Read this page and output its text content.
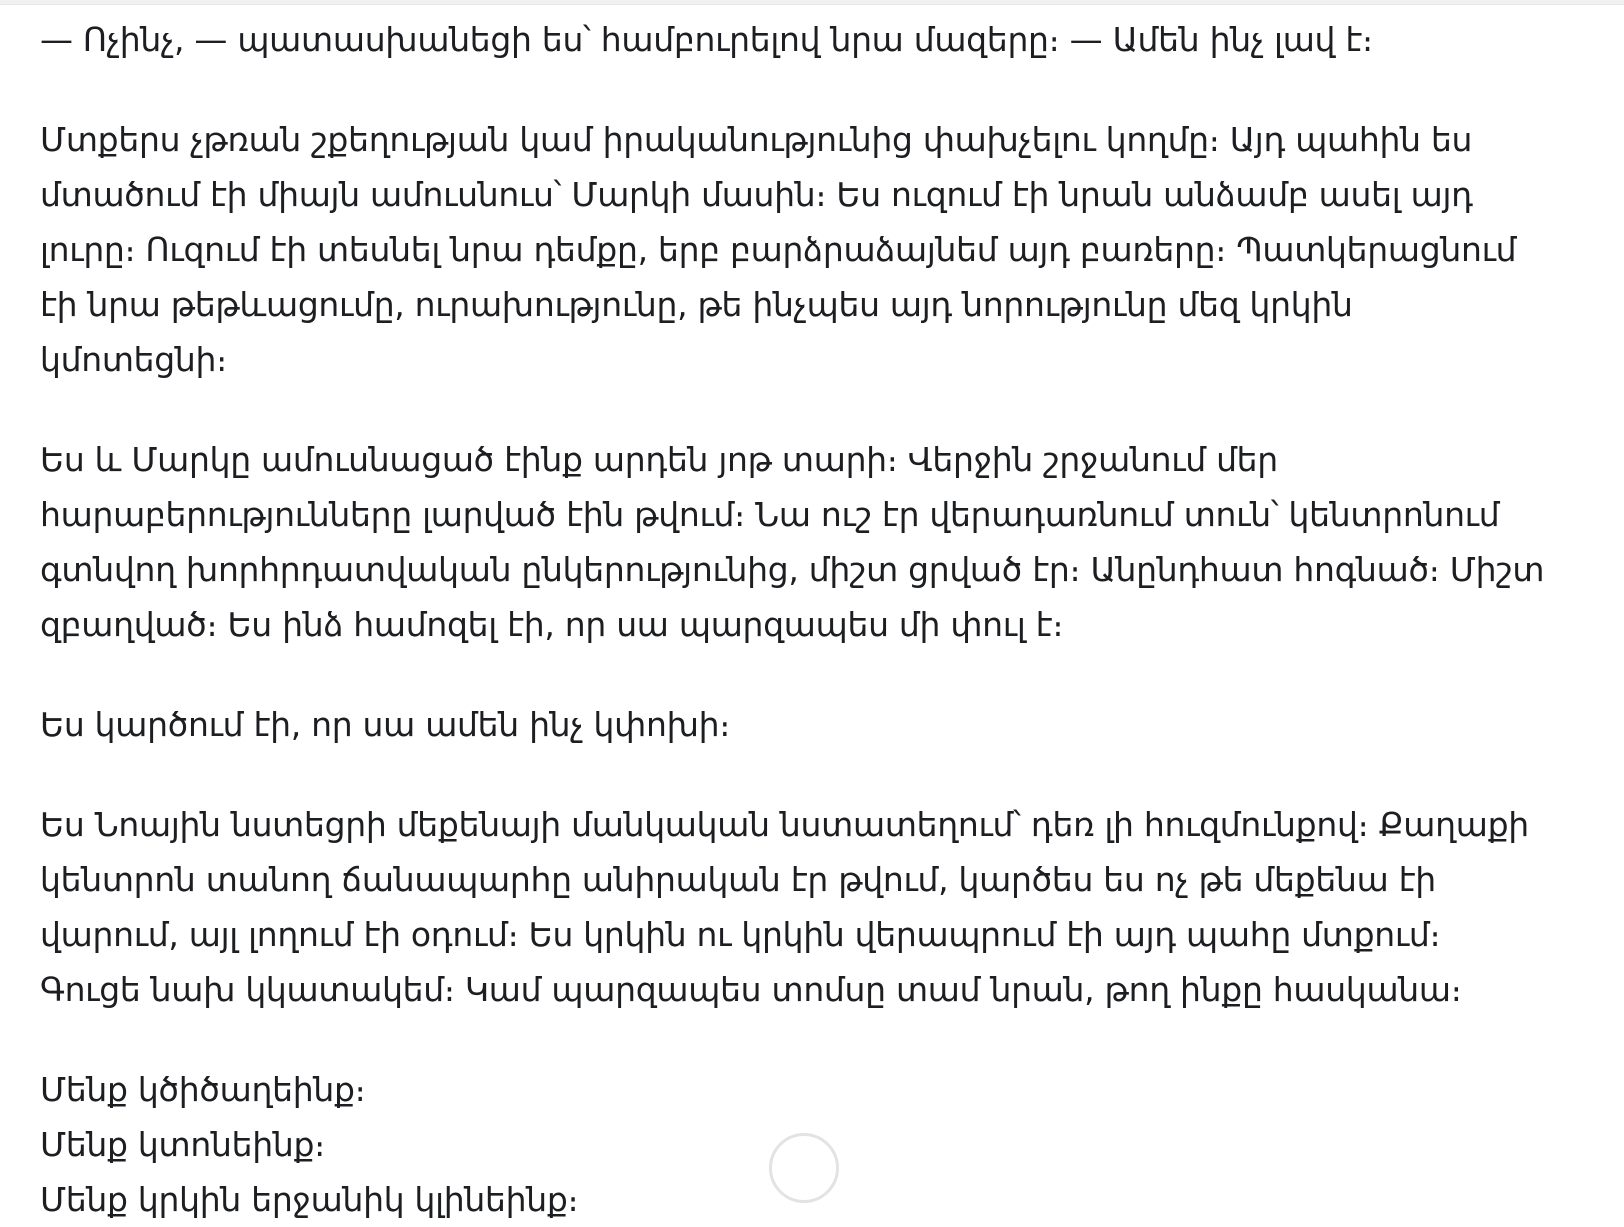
— Ոչինչ, — պատասխանեցի ես՝ համբուրելով նրա մազերը։ — Ամեն ինչ լավ է։

Մտքերս չթռան շքեղության կամ իրականությունից փախչելու կողմը։ Այդ պահին ես մտածում էի միայն ամուսնուս՝ Մարկի մասին։ Ես ուզում էի նրան անձամբ ասել այդ լուրը։ Ուզում էի տեսնել նրա դեմքը, երբ բարձրաձայնեմ այդ բառերը։ Պատկերացնում էի նրա թեթևացումը, ուրախությունը, թե ինչպես այդ նորությունը մեզ կրկին կմոտեցնի։

Ես և Մարկը ամուսնացած էինք արդեն յոթ տարի։ Վերջին շրջանում մեր հարաբերությունները լարված էին թվում։ Նա ուշ էր վերադառնում տուն՝ կենտրոնում գտնվող խորհրդատվական ընկերությունից, միշտ ցրված էր։ Անընդհատ հոգնած։ Միշտ զբաղված։ Ես ինձ համոզել էի, որ սա պարզապես մի փուլ է։

Ես կարծում էի, որ սա ամեն ինչ կփոխի։

Ես Նոային նստեցրի մեքենայի մանկական նստատեղում՝ դեռ լի հուզմունքով։ Քաղաքի կենտրոն տանող ճանապարհը անիրական էր թվում, կարծես ես ոչ թե մեքենա էի վարում, այլ լողում էի օդում։ Ես կրկին ու կրկին վերապրում էի այդ պահը մտքում։ Գուցե նախ կկատակեմ։ Կամ պարզապես տոմսը տամ նրան, թող ինքը հասկանա։

Մենք կծիծաղեինք։

Մենք կտոնեինք։

Մենք կրկին երջանիկ կլինեինք։
